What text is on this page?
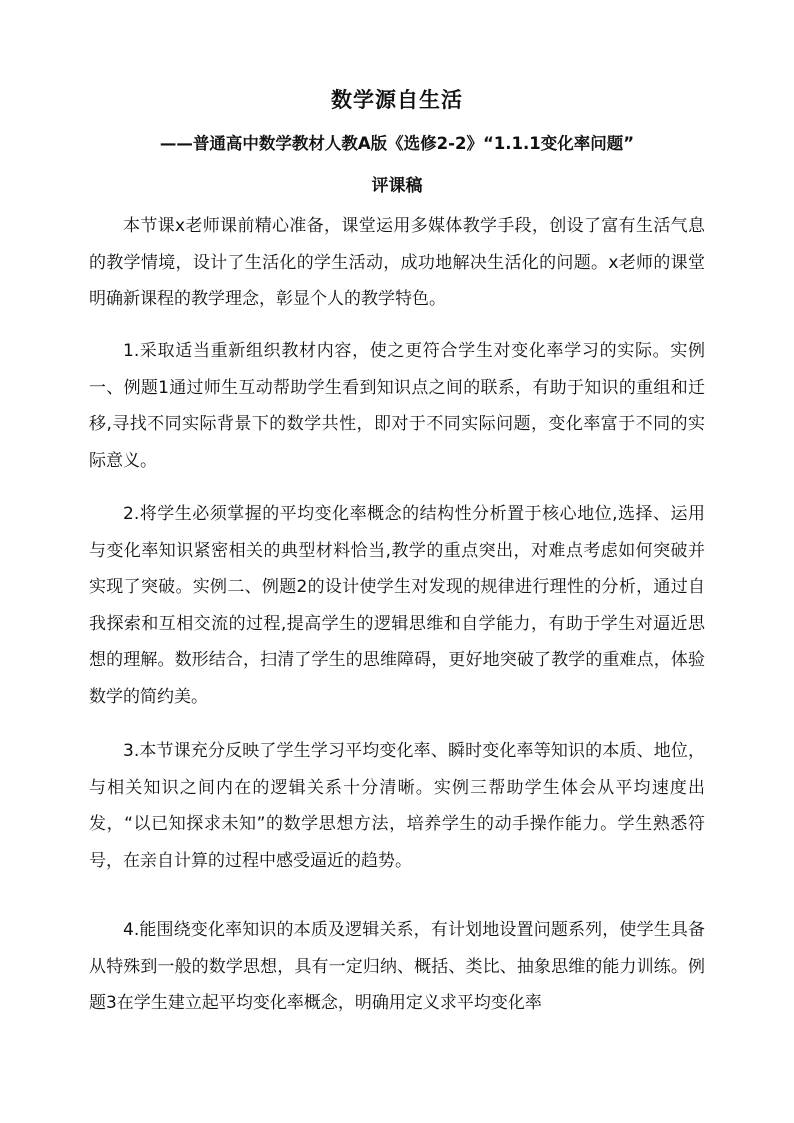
数学源自生活
——普通高中数学教材人教A版《选修2-2》“1.1.1变化率问题”
评课稿

本节课x老师课前精心准备，课堂运用多媒体教学手段，创设了富有生活气息的教学情境，设计了生活化的学生活动，成功地解决生活化的问题。x老师的课堂明确新课程的教学理念，彰显个人的教学特色。

1.采取适当重新组织教材内容，使之更符合学生对变化率学习的实际。实例一、例题1通过师生互动帮助学生看到知识点之间的联系，有助于知识的重组和迁移,寻找不同实际背景下的数学共性，即对于不同实际问题，变化率富于不同的实际意义。

2.将学生必须掌握的平均变化率概念的结构性分析置于核心地位,选择、运用与变化率知识紧密相关的典型材料恰当,教学的重点突出，对难点考虑如何突破并实现了突破。实例二、例题2的设计使学生对发现的规律进行理性的分析，通过自我探索和互相交流的过程,提高学生的逻辑思维和自学能力，有助于学生对逼近思想的理解。数形结合，扫清了学生的思维障碍，更好地突破了教学的重难点，体验数学的简约美。

3.本节课充分反映了学生学习平均变化率、瞬时变化率等知识的本质、地位，与相关知识之间内在的逻辑关系十分清晰。实例三帮助学生体会从平均速度出发，“以已知探求未知”的数学思想方法，培养学生的动手操作能力。学生熟悉符号，在亲自计算的过程中感受逼近的趋势。

4.能围绕变化率知识的本质及逻辑关系，有计划地设置问题系列，使学生具备从特殊到一般的数学思想，具有一定归纳、概括、类比、抽象思维的能力训练。例题3在学生建立起平均变化率概念，明确用定义求平均变化率
